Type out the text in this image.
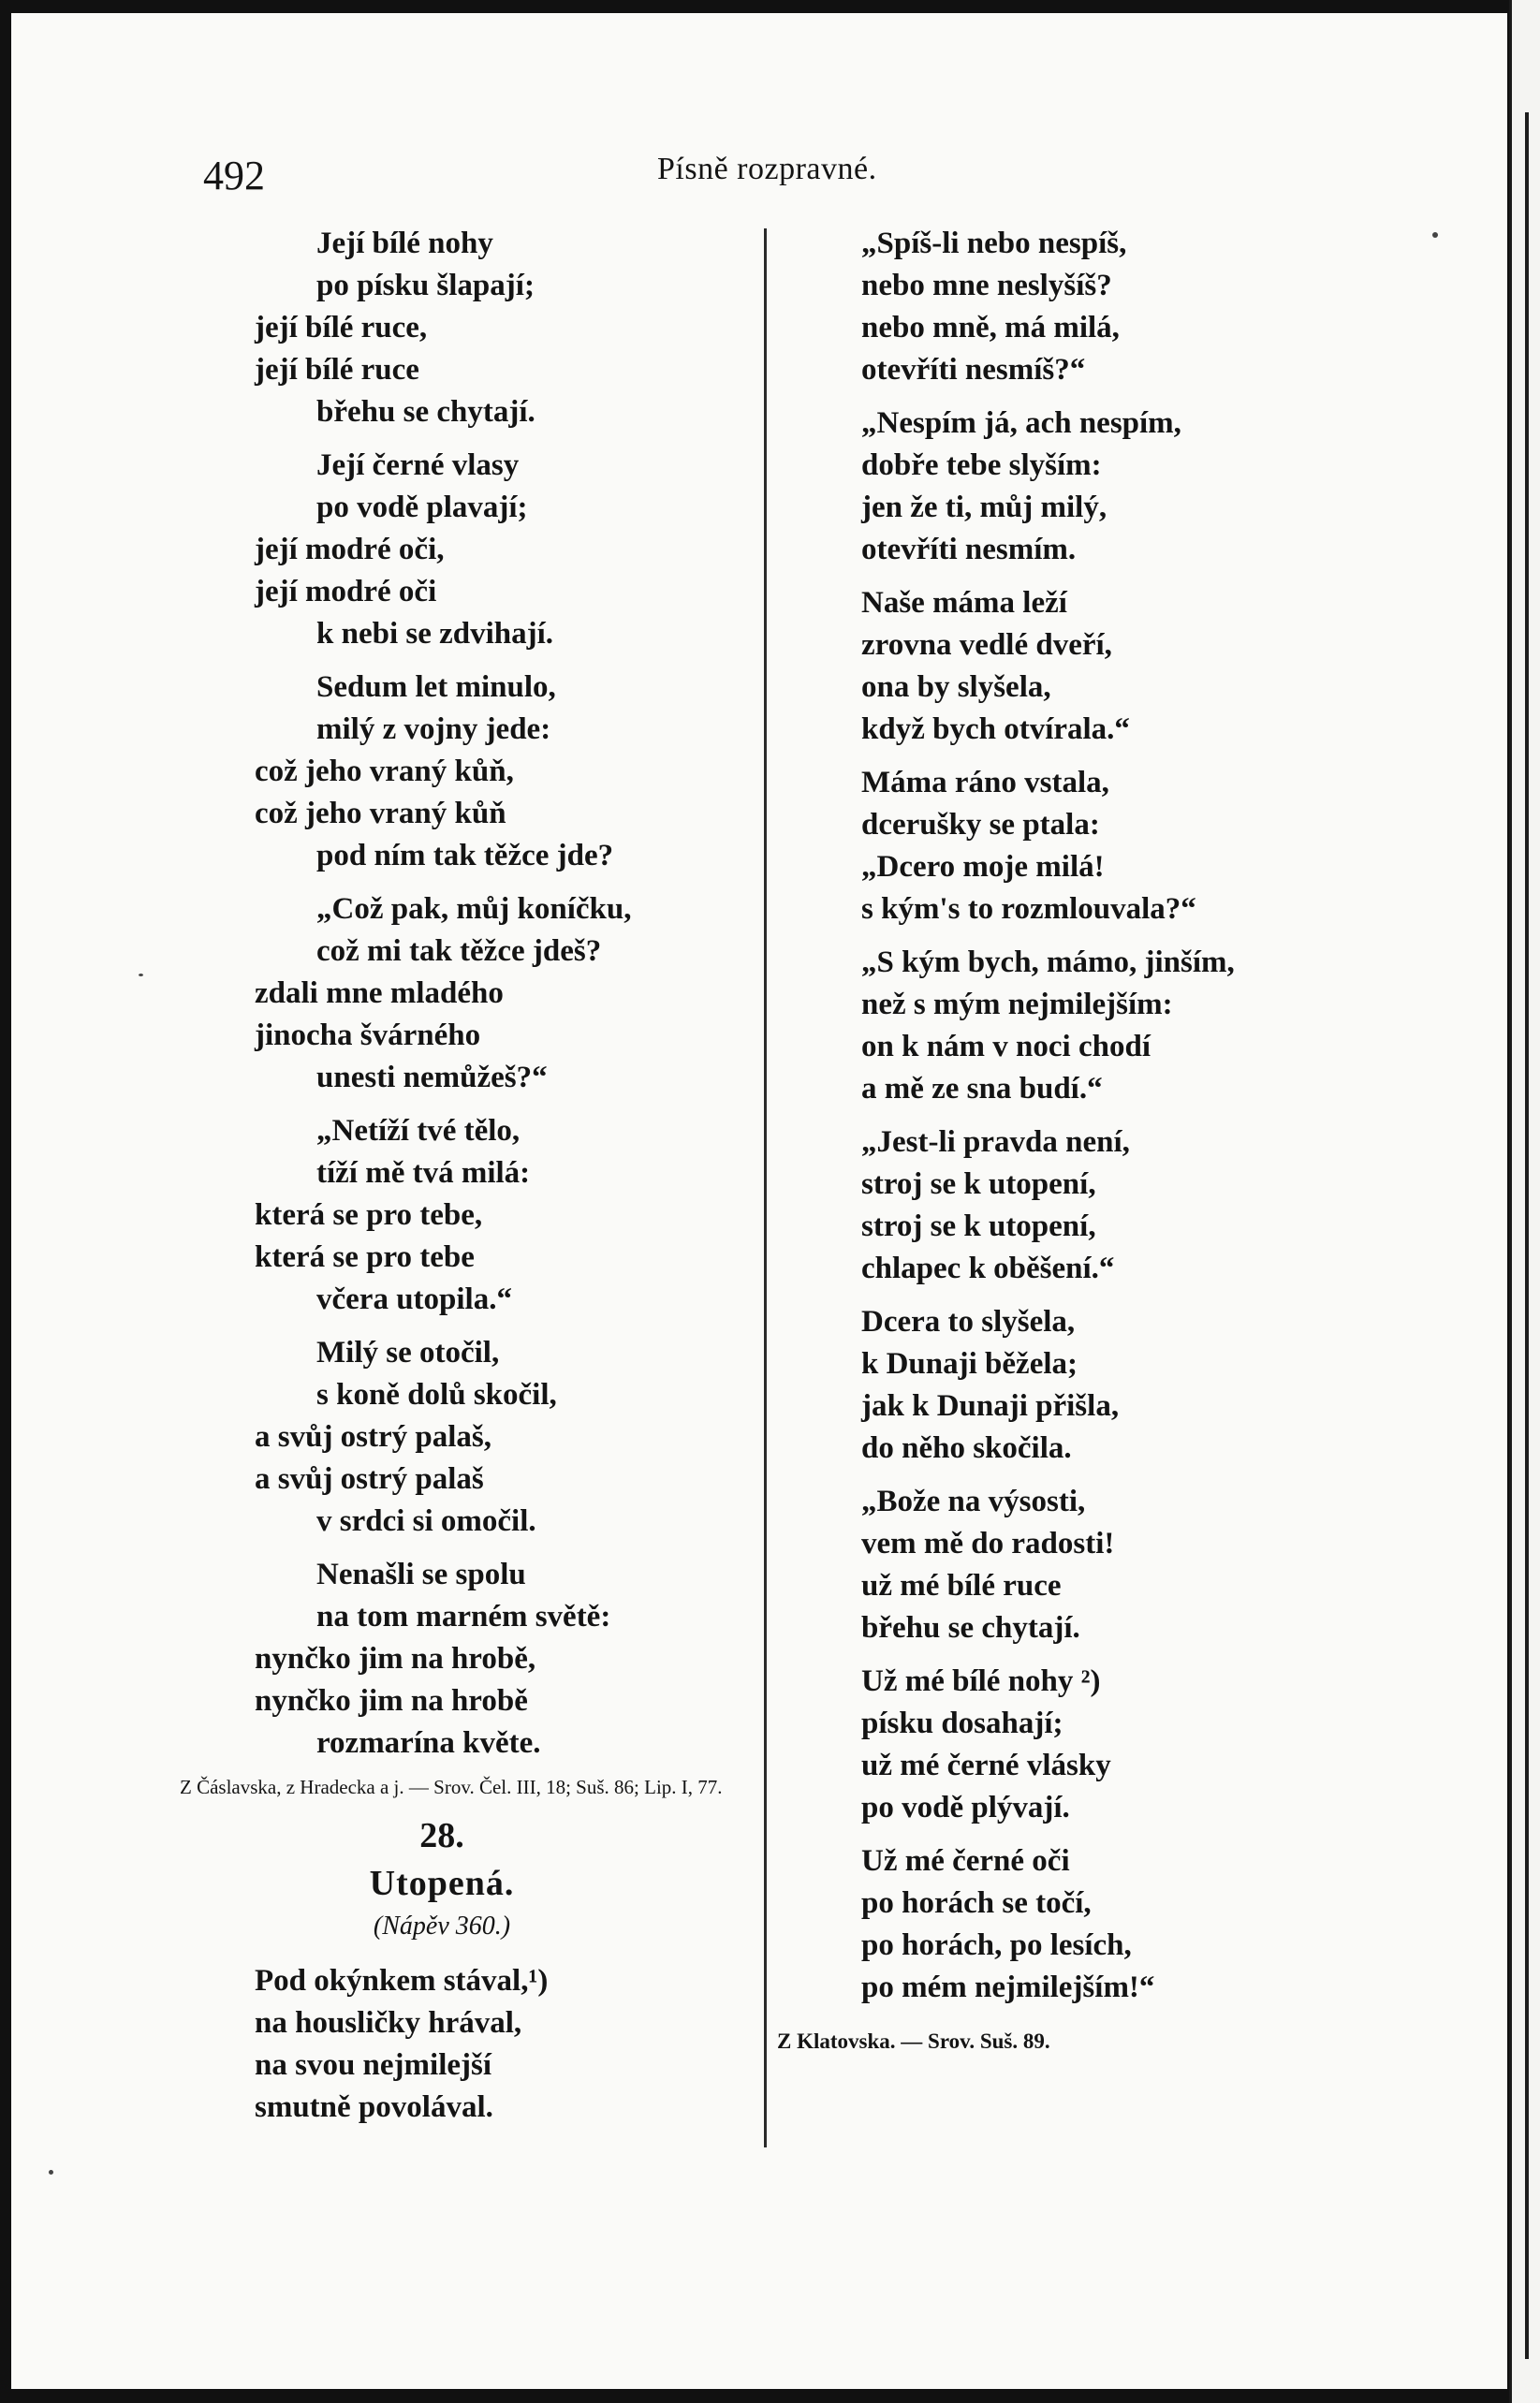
492	Písně rozpravné.
Její bílé nohy
po písku šlapají;
její bílé ruce,
její bílé ruce
břehu se chytají.
Její černé vlasy
po vodě plavají;
její modré oči,
její modré oči
k nebi se zdvihají.
Sedum let minulo,
milý z vojny jede:
což jeho vraný kůň,
což jeho vraný kůň
pod ním tak těžce jde?
„Což pak, můj koníčku,
což mi tak těžce jdeš?
zdali mne mladého
jinocha švárného
unesti nemůžeš?“
„Netíží tvé tělo,
tíží mě tvá milá:
která se pro tebe,
která se pro tebe
včera utopila.“
Milý se otočil,
s koně dolů skočil,
a svůj ostrý palaš,
a svůj ostrý palaš
v srdci si omočil.
Nenašli se spolu
na tom marném světě:
nynčko jim na hrobě,
nynčko jim na hrobě
rozmarína květe.
Z Čáslavska, z Hradecka a j. — Srov. Čel. III, 18; Suš. 86; Lip. I, 77.
28.
Utopená.
(Nápěv 360.)
Pod okýnkem stával,¹)
na housličky hrával,
na svou nejmilejší
smutně povolával.
„Spíš-li nebo nespíš,
nebo mne neslyšíš?
nebo mně, má milá,
otevříti nesmíš?“
„Nespím já, ach nespím,
dobře tebe slyším:
jen že ti, můj milý,
otevříti nesmím.
Naše máma leží
zrovna vedlé dveří,
ona by slyšela,
když bych otvírala.“
Máma ráno vstala,
dcerušky se ptala:
„Dcero moje milá!
s kým's to rozmlouvala?“
„S kým bych, mámo, jinším,
než s mým nejmilejším:
on k nám v noci chodí
a mě ze sna budí.“
„Jest-li pravda není,
stroj se k utopení,
stroj se k utopení,
chlapec k oběšení.“
Dcera to slyšela,
k Dunaji běžela;
jak k Dunaji přišla,
do něho skočila.
„Bože na výsosti,
vem mě do radosti!
už mé bílé ruce
břehu se chytají.
Už mé bílé nohy ²)
písku dosahají;
už mé černé vlásky
po vodě plývají.
Už mé černé oči
po horách se točí,
po horách, po lesích,
po mém nejmilejším!“
Z Klatovska. — Srov. Suš. 89.
